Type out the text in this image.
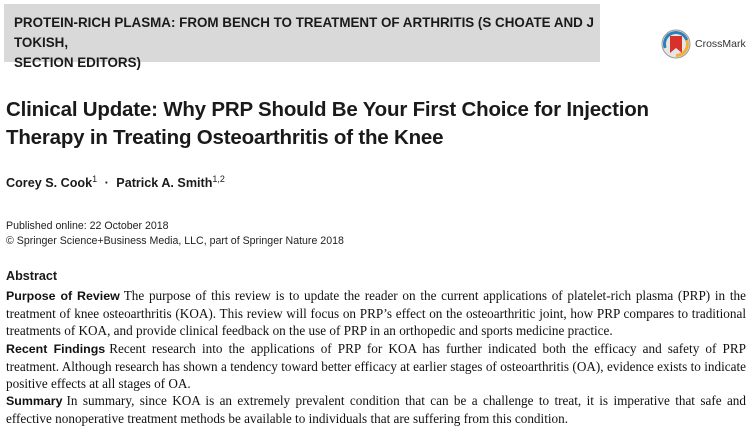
PROTEIN-RICH PLASMA: FROM BENCH TO TREATMENT OF ARTHRITIS (S CHOATE AND J TOKISH,
SECTION EDITORS)
CrossMark
Clinical Update: Why PRP Should Be Your First Choice for Injection
Therapy in Treating Osteoarthritis of the Knee
Corey S. Cook$^1$ · Patrick A. Smith$^{1,2}$
Published online: 22 October 2018
© Springer Science+Business Media, LLC, part of Springer Nature 2018
Abstract

Purpose of Review The purpose of this review is to update the reader on the current applications of platelet-rich plasma (PRP) in the treatment of knee osteoarthritis (KOA). This review will focus on PRP’s effect on the osteoarthritic joint, how PRP compares to traditional treatments of KOA, and provide clinical feedback on the use of PRP in an orthopedic and sports medicine practice.

Recent Findings Recent research into the applications of PRP for KOA has further indicated both the efficacy and safety of PRP treatment. Although research has shown a tendency toward better efficacy at earlier stages of osteoarthritis (OA), evidence exists to indicate positive effects at all stages of OA.

Summary In summary, since KOA is an extremely prevalent condition that can be a challenge to treat, it is imperative that safe and effective nonoperative treatment methods be available to individuals that are suffering from this condition.
